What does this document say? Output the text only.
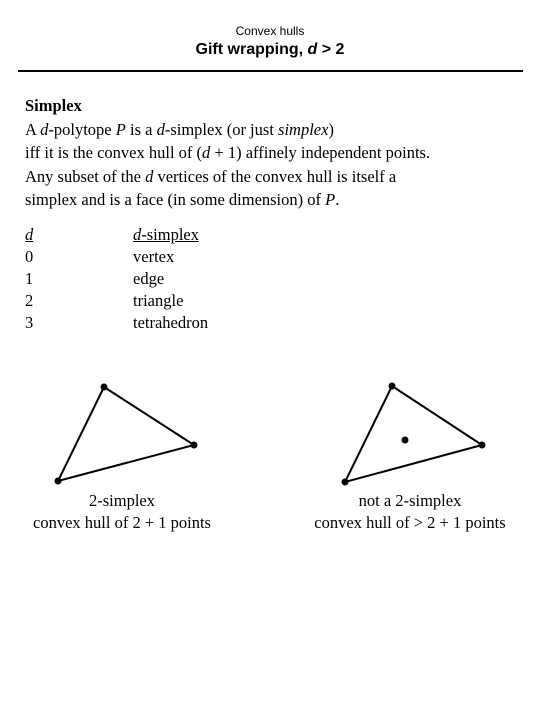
Convex hulls
Gift wrapping, d > 2
Simplex
A d-polytope P is a d-simplex (or just simplex)
iff it is the convex hull of (d + 1) affinely independent points.
Any subset of the d vertices of the convex hull is itself a
simplex and is a face (in some dimension) of P.
d
0
1
2
3
d-simplex
vertex
edge
triangle
tetrahedron
2-simplex
convex hull of 2 + 1 points
not a 2-simplex
convex hull of > 2 + 1 points
